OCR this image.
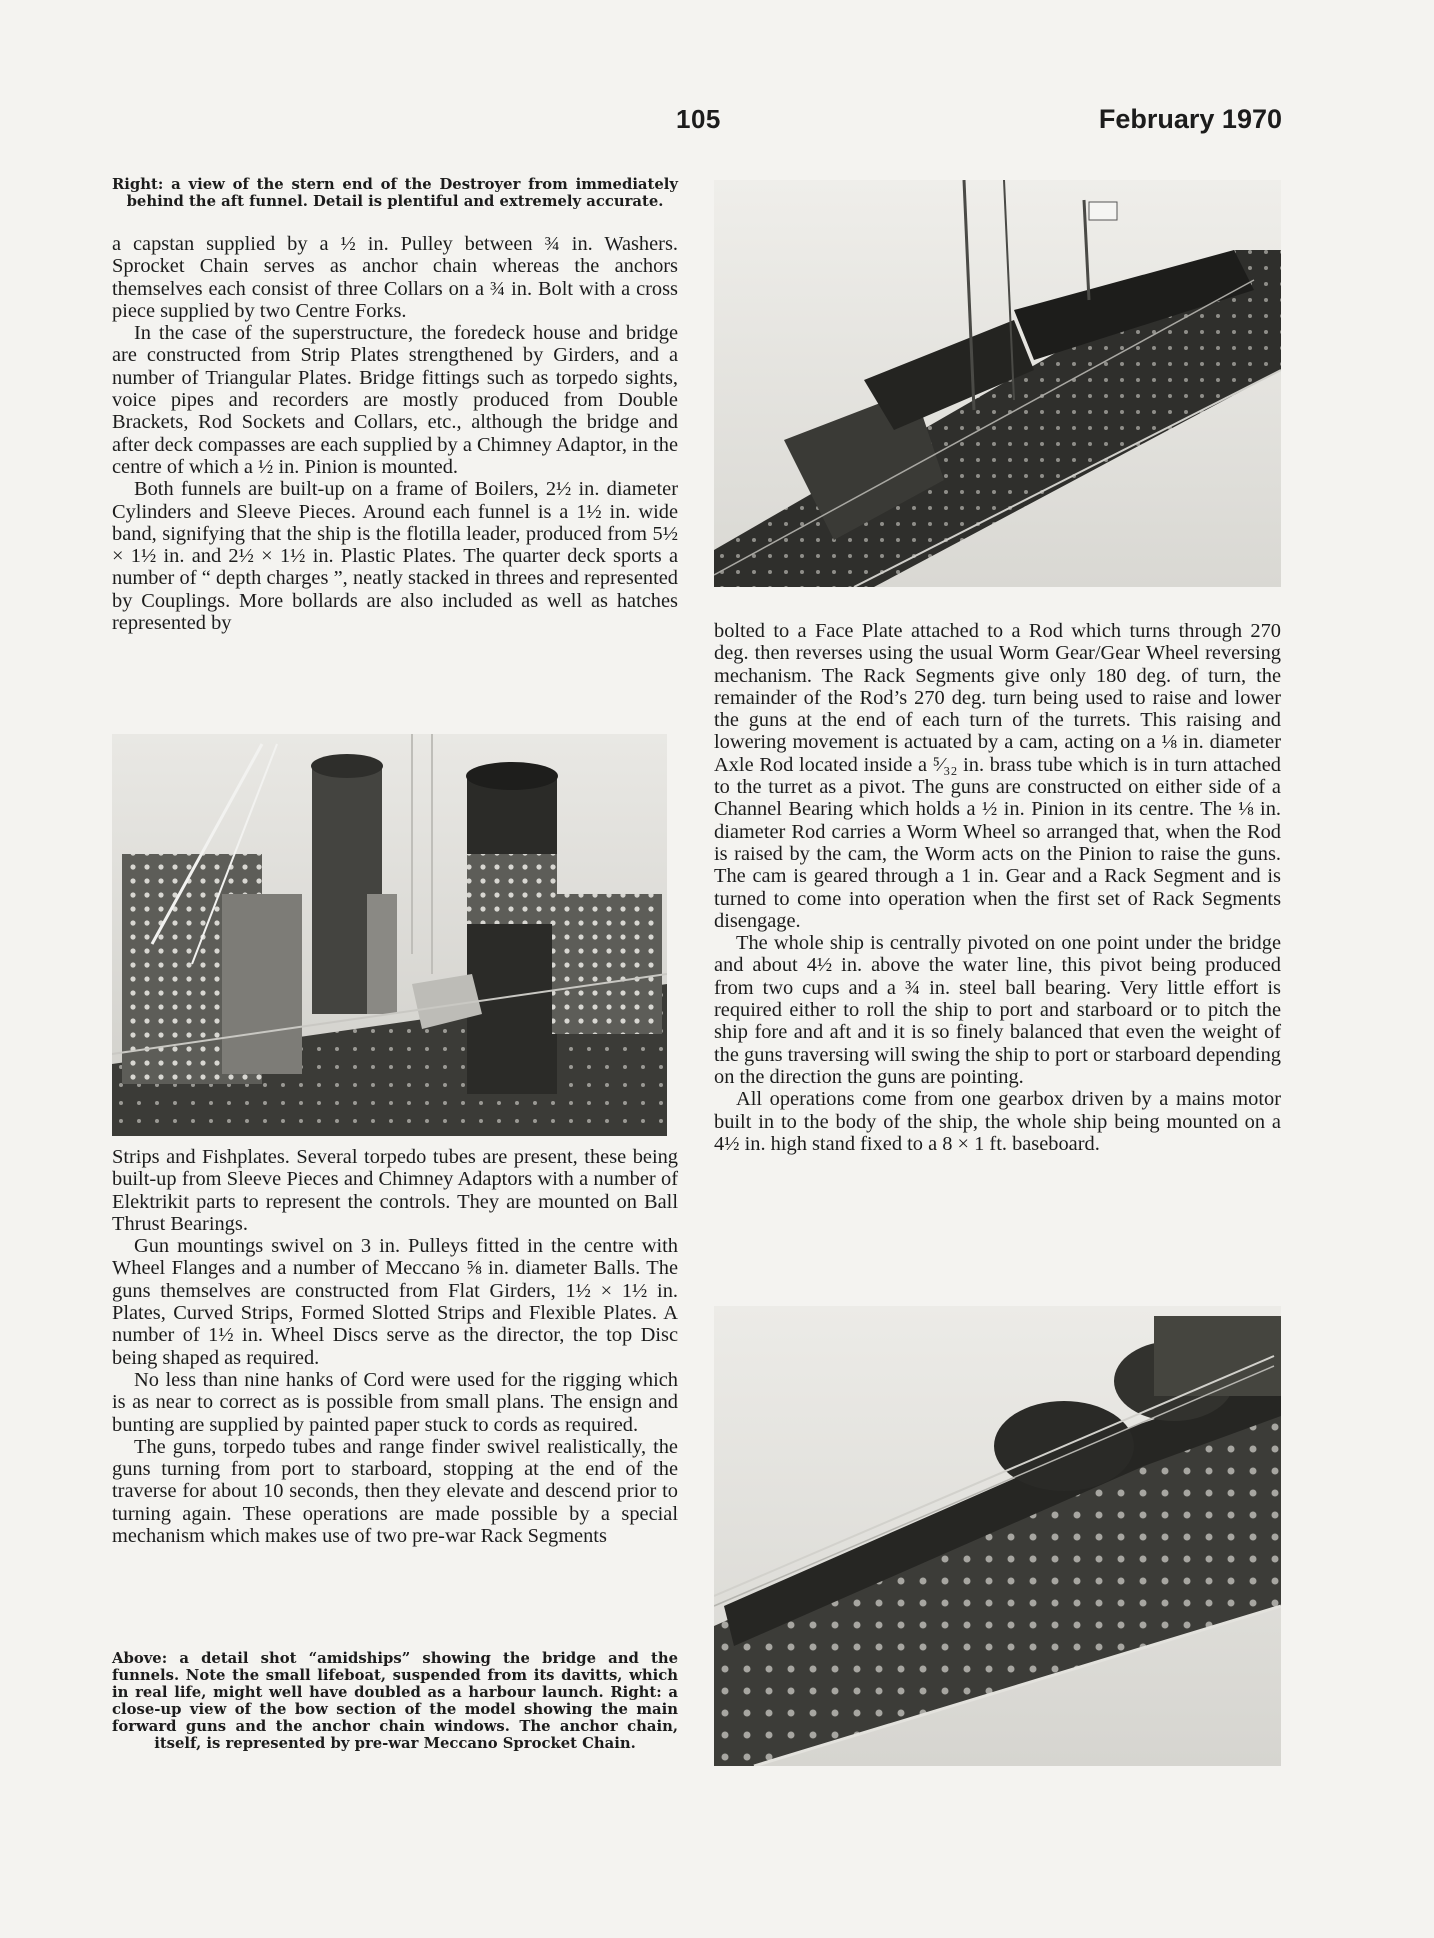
105	February 1970

Right: a view of the stern end of the Destroyer from immediately behind the aft funnel. Detail is plentiful and extremely accurate.

a capstan supplied by a ½ in. Pulley between ¾ in. Washers. Sprocket Chain serves as anchor chain whereas the anchors themselves each consist of three Collars on a ¾ in. Bolt with a cross piece supplied by two Centre Forks.

In the case of the superstructure, the foredeck house and bridge are constructed from Strip Plates strengthened by Girders, and a number of Triangular Plates. Bridge fittings such as torpedo sights, voice pipes and recorders are mostly produced from Double Brackets, Rod Sockets and Collars, etc., although the bridge and after deck compasses are each supplied by a Chimney Adaptor, in the centre of which a ½ in. Pinion is mounted.

Both funnels are built-up on a frame of Boilers, 2½ in. diameter Cylinders and Sleeve Pieces. Around each funnel is a 1½ in. wide band, signifying that the ship is the flotilla leader, produced from 5½ × 1½ in. and 2½ × 1½ in. Plastic Plates. The quarter deck sports a number of “ depth charges ”, neatly stacked in threes and represented by Couplings. More bollards are also included as well as hatches represented by

Strips and Fishplates. Several torpedo tubes are present, these being built-up from Sleeve Pieces and Chimney Adaptors with a number of Elektrikit parts to represent the controls. They are mounted on Ball Thrust Bearings.

Gun mountings swivel on 3 in. Pulleys fitted in the centre with Wheel Flanges and a number of Meccano ⅝ in. diameter Balls. The guns themselves are constructed from Flat Girders, 1½ × 1½ in. Plates, Curved Strips, Formed Slotted Strips and Flexible Plates. A number of 1½ in. Wheel Discs serve as the director, the top Disc being shaped as required.

No less than nine hanks of Cord were used for the rigging which is as near to correct as is possible from small plans. The ensign and bunting are supplied by painted paper stuck to cords as required.

The guns, torpedo tubes and range finder swivel realistically, the guns turning from port to starboard, stopping at the end of the traverse for about 10 seconds, then they elevate and descend prior to turning again. These operations are made possible by a special mechanism which makes use of two pre-war Rack Segments

Above: a detail shot “amidships” showing the bridge and the funnels. Note the small lifeboat, suspended from its davitts, which in real life, might well have doubled as a harbour launch. Right: a close-up view of the bow section of the model showing the main forward guns and the anchor chain windows. The anchor chain, itself, is represented by pre-war Meccano Sprocket Chain.

bolted to a Face Plate attached to a Rod which turns through 270 deg. then reverses using the usual Worm Gear/Gear Wheel reversing mechanism. The Rack Segments give only 180 deg. of turn, the remainder of the Rod’s 270 deg. turn being used to raise and lower the guns at the end of each turn of the turrets. This raising and lowering movement is actuated by a cam, acting on a ⅛ in. diameter Axle Rod located inside a ⁵⁄₃₂ in. brass tube which is in turn attached to the turret as a pivot. The guns are constructed on either side of a Channel Bearing which holds a ½ in. Pinion in its centre. The ⅛ in. diameter Rod carries a Worm Wheel so arranged that, when the Rod is raised by the cam, the Worm acts on the Pinion to raise the guns. The cam is geared through a 1 in. Gear and a Rack Segment and is turned to come into operation when the first set of Rack Segments disengage.

The whole ship is centrally pivoted on one point under the bridge and about 4½ in. above the water line, this pivot being produced from two cups and a ¾ in. steel ball bearing. Very little effort is required either to roll the ship to port and starboard or to pitch the ship fore and aft and it is so finely balanced that even the weight of the guns traversing will swing the ship to port or starboard depending on the direction the guns are pointing.

All operations come from one gearbox driven by a mains motor built in to the body of the ship, the whole ship being mounted on a 4½ in. high stand fixed to a 8 × 1 ft. baseboard.
